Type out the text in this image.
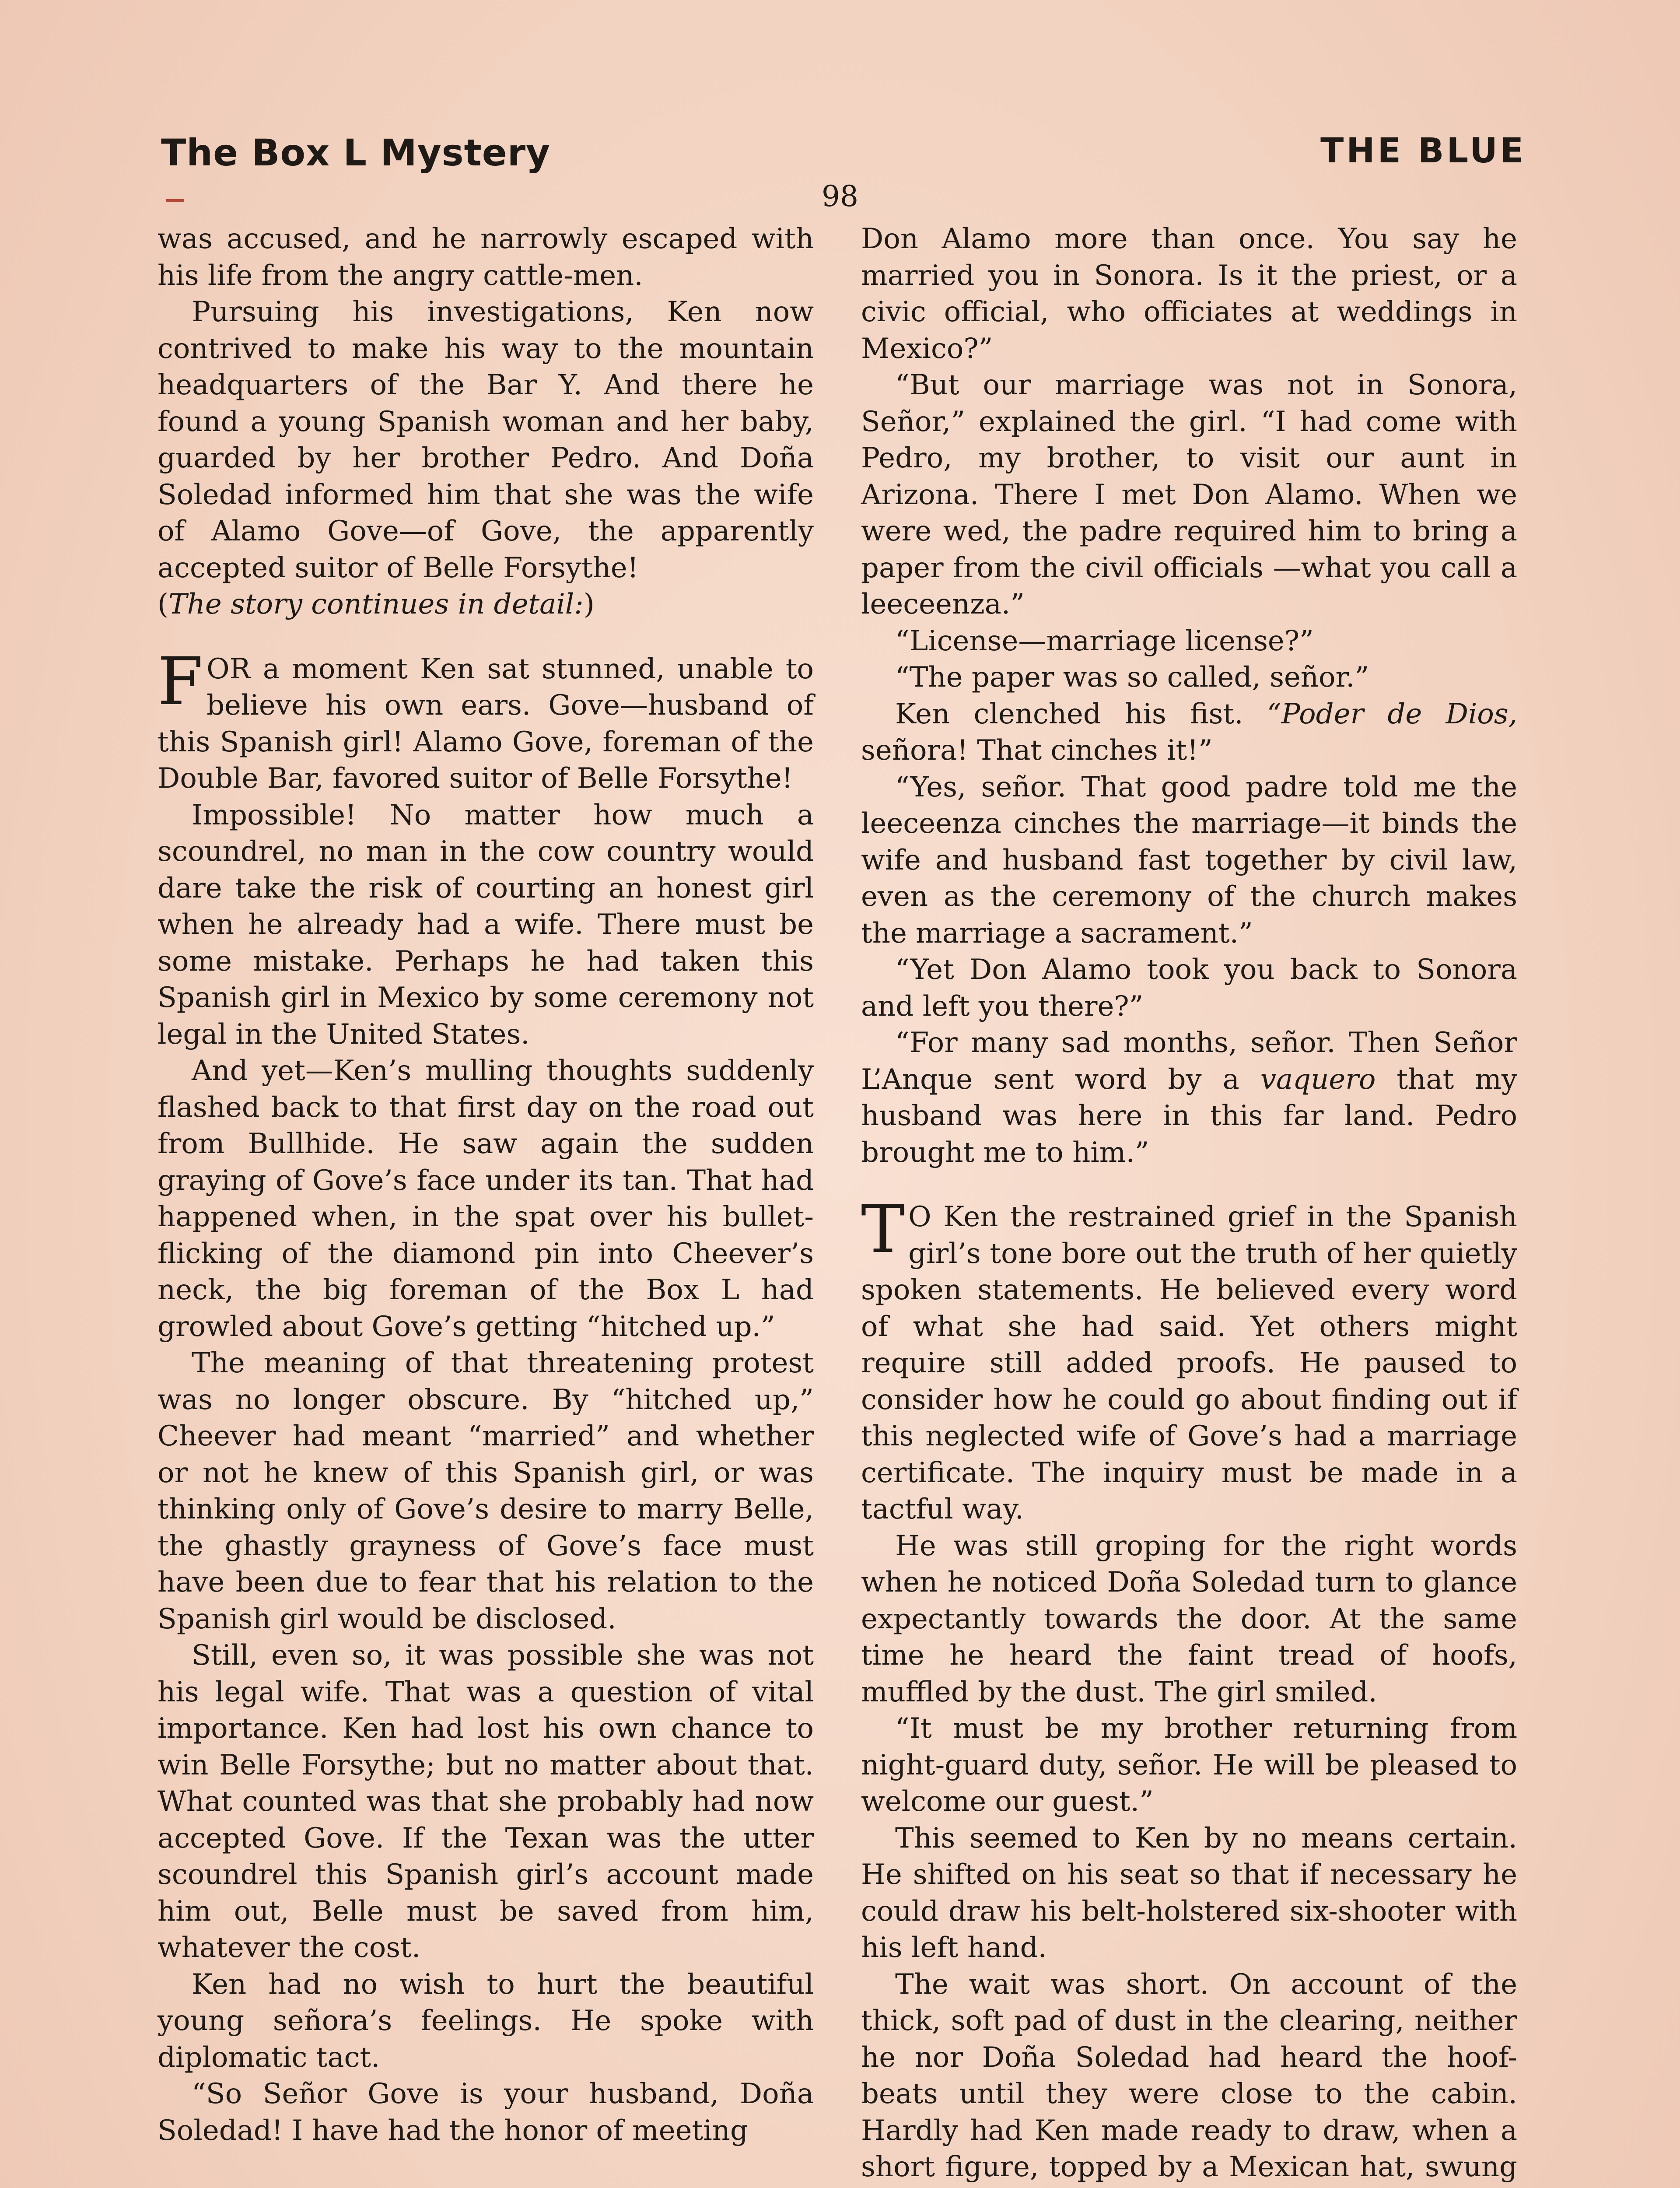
The Box L Mystery	THE BLUE
98

was accused, and he narrowly escaped with his life from the angry cattle-men.

Pursuing his investigations, Ken now contrived to make his way to the mountain headquarters of the Bar Y. And there he found a young Spanish woman and her baby, guarded by her brother Pedro. And Doña Soledad informed him that she was the wife of Alamo Gove—of Gove, the apparently accepted suitor of Belle Forsythe!

(The story continues in detail:)

FOR a moment Ken sat stunned, unable to believe his own ears. Gove—husband of this Spanish girl! Alamo Gove, foreman of the Double Bar, favored suitor of Belle Forsythe!

Impossible! No matter how much a scoundrel, no man in the cow country would dare take the risk of courting an honest girl when he already had a wife. There must be some mistake. Perhaps he had taken this Spanish girl in Mexico by some ceremony not legal in the United States.

And yet—Ken’s mulling thoughts suddenly flashed back to that first day on the road out from Bullhide. He saw again the sudden graying of Gove’s face under its tan. That had happened when, in the spat over his bullet-flicking of the diamond pin into Cheever’s neck, the big foreman of the Box L had growled about Gove’s getting “hitched up.”

The meaning of that threatening protest was no longer obscure. By “hitched up,” Cheever had meant “married” and whether or not he knew of this Spanish girl, or was thinking only of Gove’s desire to marry Belle, the ghastly grayness of Gove’s face must have been due to fear that his relation to the Spanish girl would be disclosed.

Still, even so, it was possible she was not his legal wife. That was a question of vital importance. Ken had lost his own chance to win Belle Forsythe; but no matter about that. What counted was that she probably had now accepted Gove. If the Texan was the utter scoundrel this Spanish girl’s account made him out, Belle must be saved from him, whatever the cost.

Ken had no wish to hurt the beautiful young señora’s feelings. He spoke with diplomatic tact.

“So Señor Gove is your husband, Doña Soledad! I have had the honor of meeting

Don Alamo more than once. You say he married you in Sonora. Is it the priest, or a civic official, who officiates at weddings in Mexico?”

“But our marriage was not in Sonora, Señor,” explained the girl. “I had come with Pedro, my brother, to visit our aunt in Arizona. There I met Don Alamo. When we were wed, the padre required him to bring a paper from the civil officials —what you call a leeceenza.”

“License—marriage license?”

“The paper was so called, señor.”

Ken clenched his fist. “Poder de Dios, señora! That cinches it!”

“Yes, señor. That good padre told me the leeceenza cinches the marriage—it binds the wife and husband fast together by civil law, even as the ceremony of the church makes the marriage a sacrament.”

“Yet Don Alamo took you back to Sonora and left you there?”

“For many sad months, señor. Then Señor L’Anque sent word by a vaquero that my husband was here in this far land. Pedro brought me to him.”

T O Ken the restrained grief in the Spanish girl’s tone bore out the truth of her quietly spoken statements. He believed every word of what she had said. Yet others might require still added proofs. He paused to consider how he could go about finding out if this neglected wife of Gove’s had a marriage certificate. The inquiry must be made in a tactful way.

He was still groping for the right words when he noticed Doña Soledad turn to glance expectantly towards the door. At the same time he heard the faint tread of hoofs, muffled by the dust. The girl smiled.

“It must be my brother returning from night-guard duty, señor. He will be pleased to welcome our guest.”

This seemed to Ken by no means certain. He shifted on his seat so that if necessary he could draw his belt-holstered six-shooter with his left hand.

The wait was short. On account of the thick, soft pad of dust in the clearing, neither he nor Doña Soledad had heard the hoof-beats until they were close to the cabin. Hardly had Ken made ready to draw, when a short figure, topped by a Mexican hat, swung
